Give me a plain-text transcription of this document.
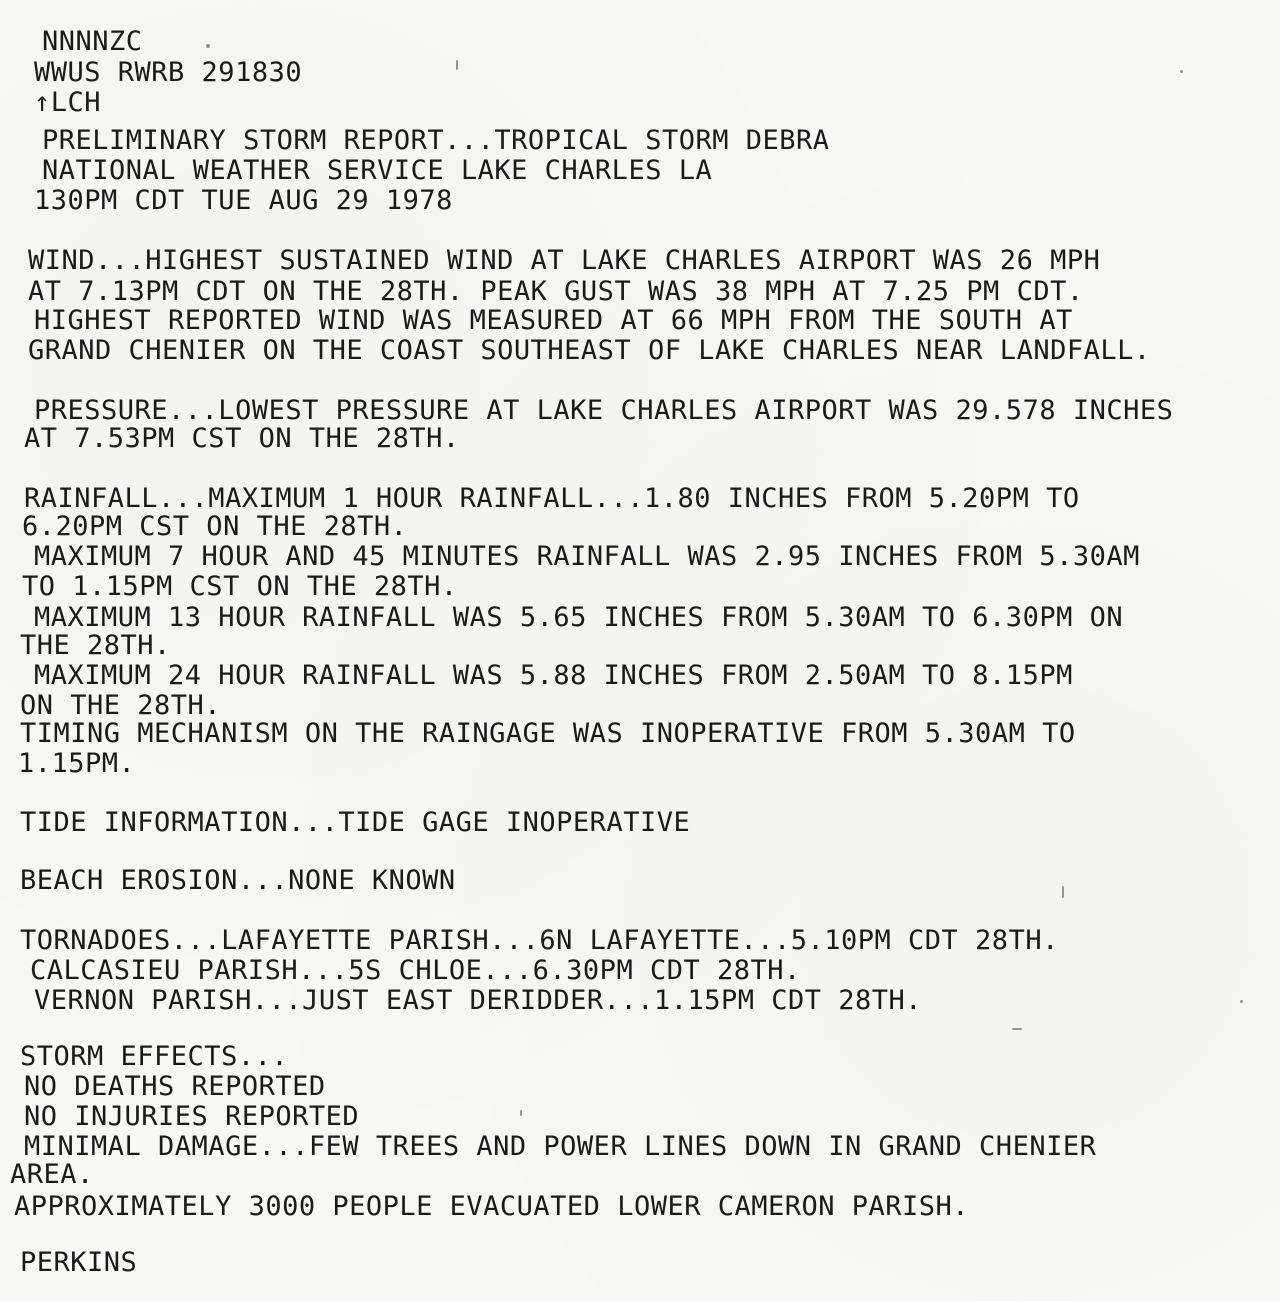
NNNNZC
WWUS RWRB 291830
↑LCH
PRELIMINARY STORM REPORT...TROPICAL STORM DEBRA
NATIONAL WEATHER SERVICE LAKE CHARLES LA
130PM CDT TUE AUG 29 1978
WIND...HIGHEST SUSTAINED WIND AT LAKE CHARLES AIRPORT WAS 26 MPH
AT 7.13PM CDT ON THE 28TH. PEAK GUST WAS 38 MPH AT 7.25 PM CDT.
HIGHEST REPORTED WIND WAS MEASURED AT 66 MPH FROM THE SOUTH AT
GRAND CHENIER ON THE COAST SOUTHEAST OF LAKE CHARLES NEAR LANDFALL.
PRESSURE...LOWEST PRESSURE AT LAKE CHARLES AIRPORT WAS 29.578 INCHES
AT 7.53PM CST ON THE 28TH.
RAINFALL...MAXIMUM 1 HOUR RAINFALL...1.80 INCHES FROM 5.20PM TO
6.20PM CST ON THE 28TH.
MAXIMUM 7 HOUR AND 45 MINUTES RAINFALL WAS 2.95 INCHES FROM 5.30AM
TO 1.15PM CST ON THE 28TH.
MAXIMUM 13 HOUR RAINFALL WAS 5.65 INCHES FROM 5.30AM TO 6.30PM ON
THE 28TH.
MAXIMUM 24 HOUR RAINFALL WAS 5.88 INCHES FROM 2.50AM TO 8.15PM
ON THE 28TH.
TIMING MECHANISM ON THE RAINGAGE WAS INOPERATIVE FROM 5.30AM TO
1.15PM.
TIDE INFORMATION...TIDE GAGE INOPERATIVE
BEACH EROSION...NONE KNOWN
TORNADOES...LAFAYETTE PARISH...6N LAFAYETTE...5.10PM CDT 28TH.
CALCASIEU PARISH...5S CHLOE...6.30PM CDT 28TH.
VERNON PARISH...JUST EAST DERIDDER...1.15PM CDT 28TH.
STORM EFFECTS...
NO DEATHS REPORTED
NO INJURIES REPORTED
MINIMAL DAMAGE...FEW TREES AND POWER LINES DOWN IN GRAND CHENIER
AREA.
APPROXIMATELY 3000 PEOPLE EVACUATED LOWER CAMERON PARISH.
PERKINS
